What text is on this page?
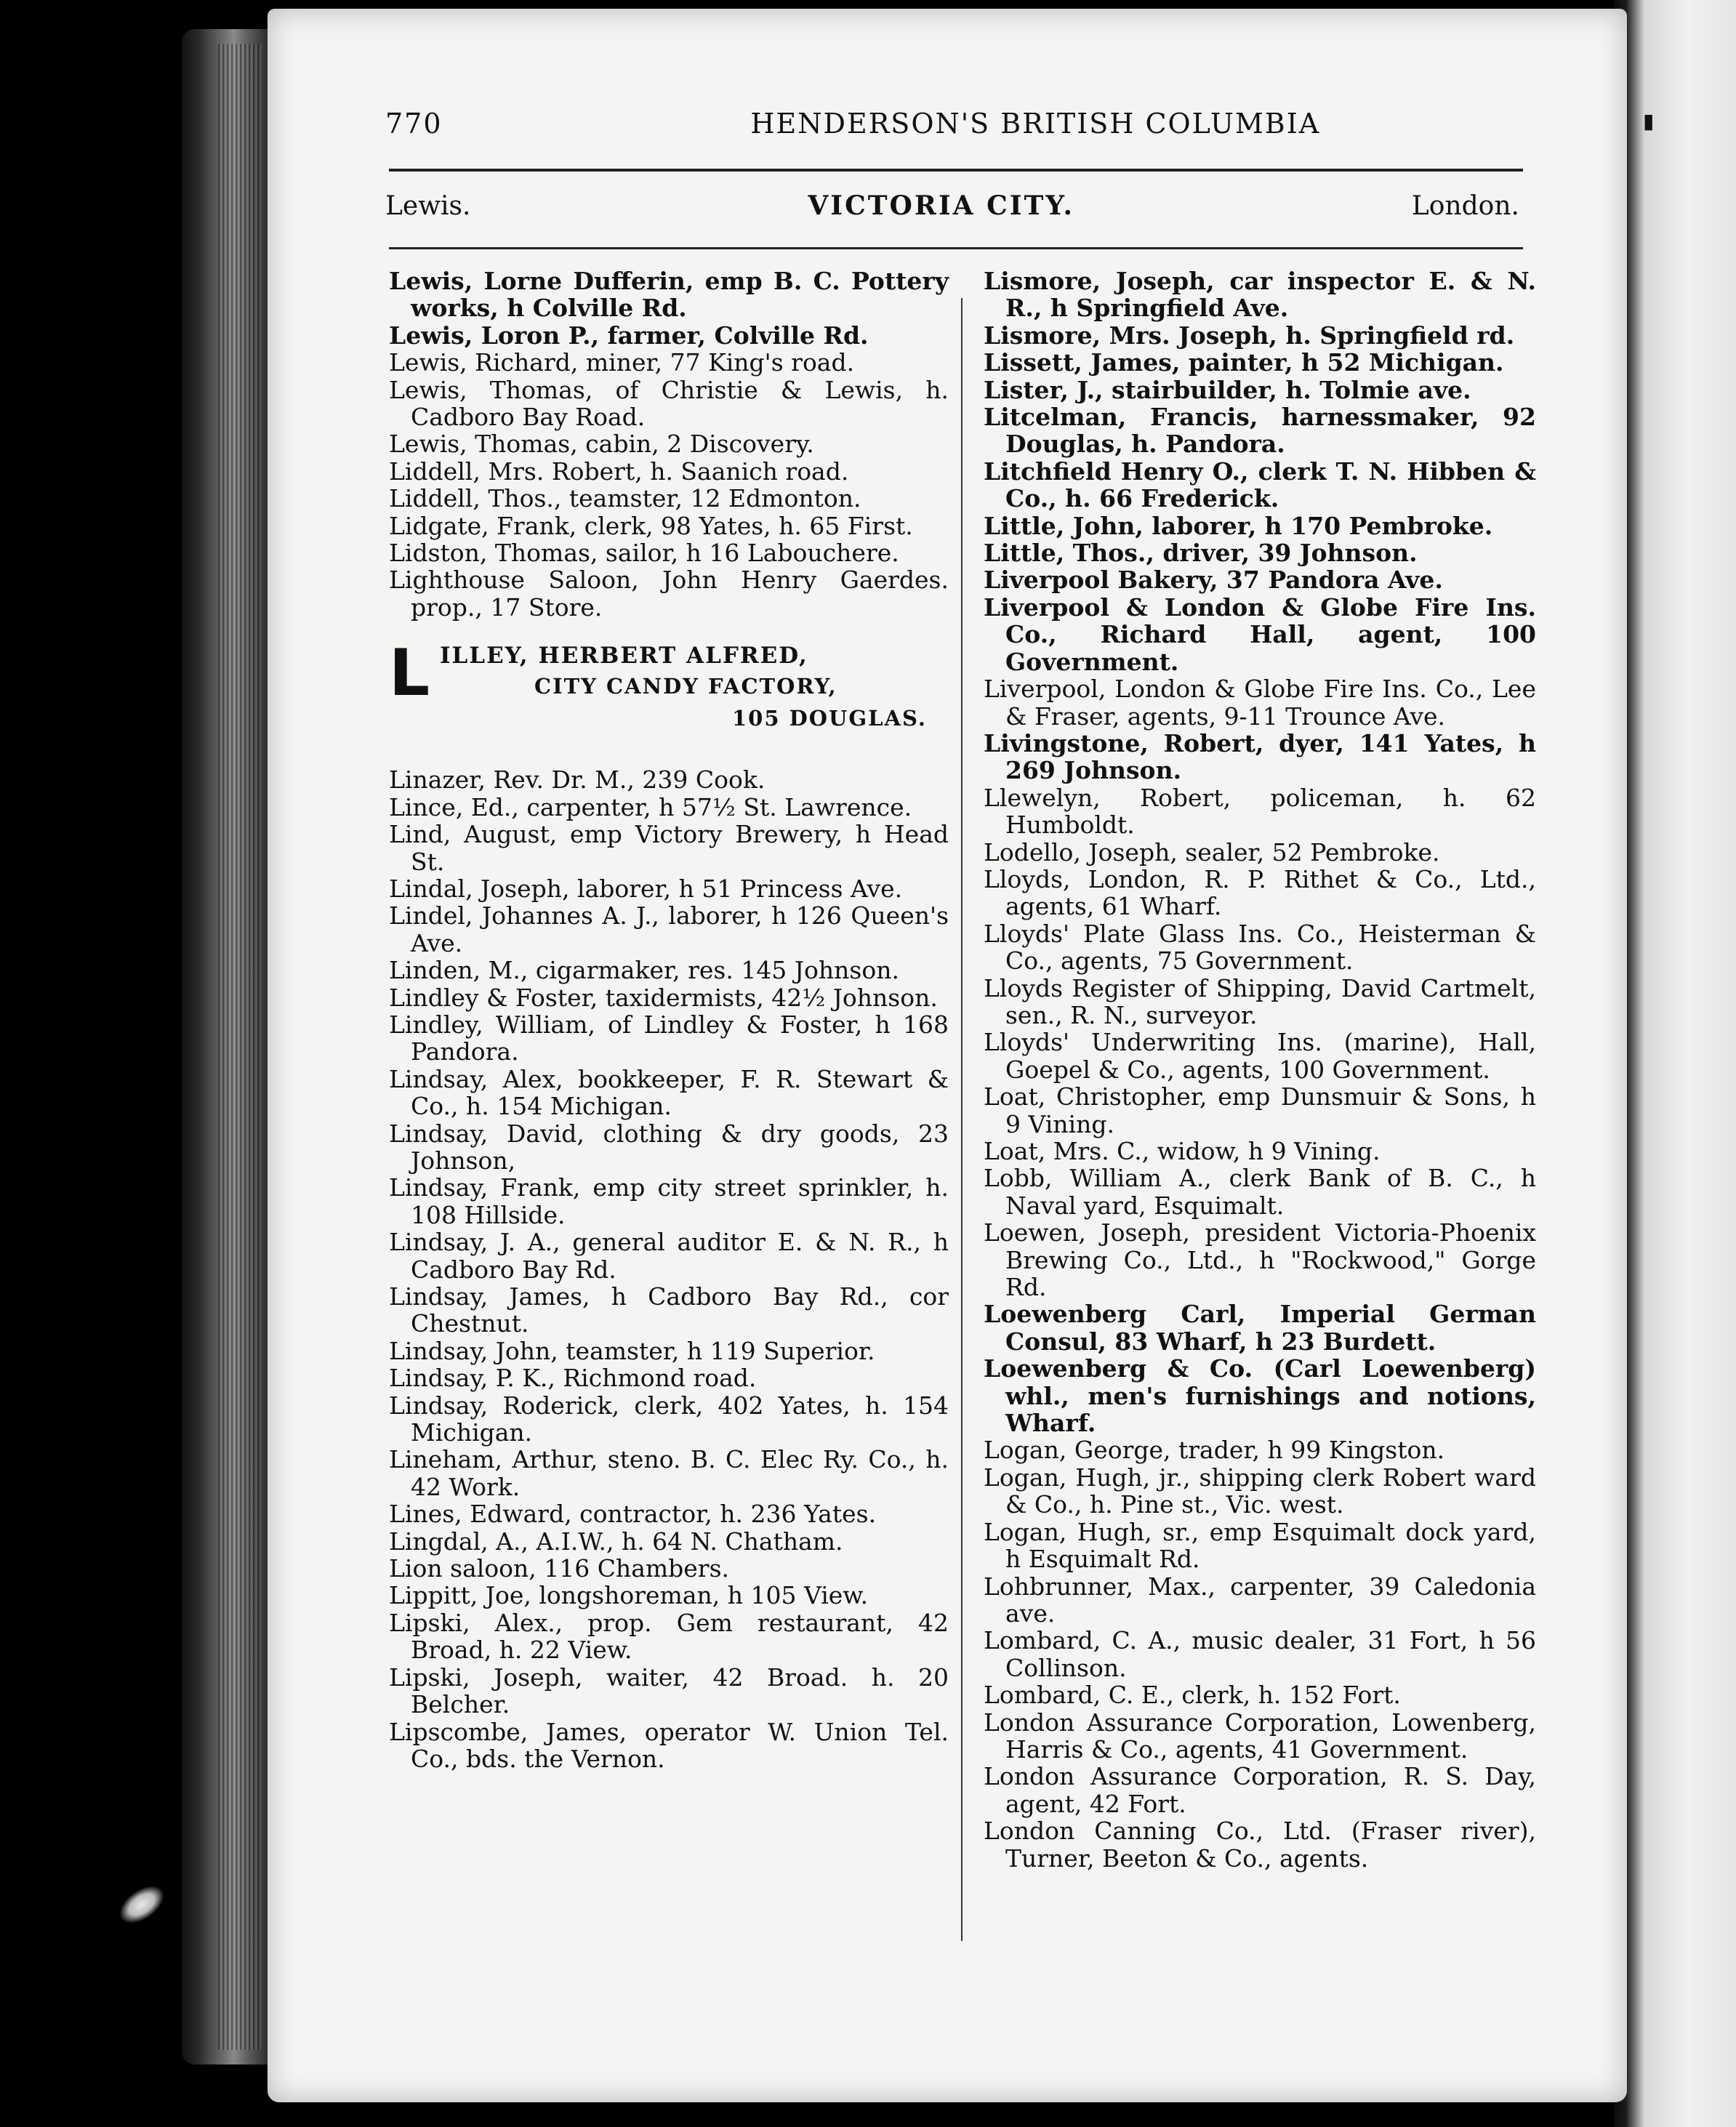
▮
770	HENDERSON'S BRITISH COLUMBIA
Lewis.	VICTORIA CITY.	London.

Lewis, Lorne Dufferin, emp B. C. Pottery works, h Colville Rd.

Lewis, Loron P., farmer, Colville Rd.

Lewis, Richard, miner, 77 King's road.

Lewis, Thomas, of Christie & Lewis, h. Cadboro Bay Road.

Lewis, Thomas, cabin, 2 Discovery.

Liddell, Mrs. Robert, h. Saanich road.

Liddell, Thos., teamster, 12 Edmonton.

Lidgate, Frank, clerk, 98 Yates, h. 65 First.

Lidston, Thomas, sailor, h 16 Labouchere.

Lighthouse Saloon, John Henry Gaerdes. prop., 17 Store.

L ILLEY, HERBERT ALFRED,
CITY CANDY FACTORY,
105 DOUGLAS.

Linazer, Rev. Dr. M., 239 Cook.

Lince, Ed., carpenter, h 57½ St. Lawrence.

Lind, August, emp Victory Brewery, h Head St.

Lindal, Joseph, laborer, h 51 Princess Ave.

Lindel, Johannes A. J., laborer, h 126 Queen's Ave.

Linden, M., cigarmaker, res. 145 Johnson.

Lindley & Foster, taxidermists, 42½ Johnson.

Lindley, William, of Lindley & Foster, h 168 Pandora.

Lindsay, Alex, bookkeeper, F. R. Stewart & Co., h. 154 Michigan.

Lindsay, David, clothing & dry goods, 23 Johnson,

Lindsay, Frank, emp city street sprinkler, h. 108 Hillside.

Lindsay, J. A., general auditor E. & N. R., h Cadboro Bay Rd.

Lindsay, James, h Cadboro Bay Rd., cor Chestnut.

Lindsay, John, teamster, h 119 Superior.

Lindsay, P. K., Richmond road.

Lindsay, Roderick, clerk, 402 Yates, h. 154 Michigan.

Lineham, Arthur, steno. B. C. Elec Ry. Co., h. 42 Work.

Lines, Edward, contractor, h. 236 Yates.

Lingdal, A., A.I.W., h. 64 N. Chatham.

Lion saloon, 116 Chambers.

Lippitt, Joe, longshoreman, h 105 View.

Lipski, Alex., prop. Gem restaurant, 42 Broad, h. 22 View.

Lipski, Joseph, waiter, 42 Broad. h. 20 Belcher.

Lipscombe, James, operator W. Union Tel. Co., bds. the Vernon.

Lismore, Joseph, car inspector E. & N. R., h Springfield Ave.

Lismore, Mrs. Joseph, h. Springfield rd.

Lissett, James, painter, h 52 Michigan.

Lister, J., stairbuilder, h. Tolmie ave.

Litcelman, Francis, harnessmaker, 92 Douglas, h. Pandora.

Litchfield Henry O., clerk T. N. Hibben & Co., h. 66 Frederick.

Little, John, laborer, h 170 Pembroke.

Little, Thos., driver, 39 Johnson.

Liverpool Bakery, 37 Pandora Ave.

Liverpool & London & Globe Fire Ins. Co., Richard Hall, agent, 100 Government.

Liverpool, London & Globe Fire Ins. Co., Lee & Fraser, agents, 9-11 Trounce Ave.

Livingstone, Robert, dyer, 141 Yates, h 269 Johnson.

Llewelyn, Robert, policeman, h. 62 Humboldt.

Lodello, Joseph, sealer, 52 Pembroke.

Lloyds, London, R. P. Rithet & Co., Ltd., agents, 61 Wharf.

Lloyds' Plate Glass Ins. Co., Heisterman & Co., agents, 75 Government.

Lloyds Register of Shipping, David Cartmelt, sen., R. N., surveyor.

Lloyds' Underwriting Ins. (marine), Hall, Goepel & Co., agents, 100 Government.

Loat, Christopher, emp Dunsmuir & Sons, h 9 Vining.

Loat, Mrs. C., widow, h 9 Vining.

Lobb, William A., clerk Bank of B. C., h Naval yard, Esquimalt.

Loewen, Joseph, president Victoria-Phoenix Brewing Co., Ltd., h "Rockwood," Gorge Rd.

Loewenberg Carl, Imperial German Consul, 83 Wharf, h 23 Burdett.

Loewenberg & Co. (Carl Loewenberg) whl., men's furnishings and notions, Wharf.

Logan, George, trader, h 99 Kingston.

Logan, Hugh, jr., shipping clerk Robert ward & Co., h. Pine st., Vic. west.

Logan, Hugh, sr., emp Esquimalt dock yard, h Esquimalt Rd.

Lohbrunner, Max., carpenter, 39 Caledonia ave.

Lombard, C. A., music dealer, 31 Fort, h 56 Collinson.

Lombard, C. E., clerk, h. 152 Fort.

London Assurance Corporation, Lowenberg, Harris & Co., agents, 41 Government.

London Assurance Corporation, R. S. Day, agent, 42 Fort.

London Canning Co., Ltd. (Fraser river), Turner, Beeton & Co., agents.
